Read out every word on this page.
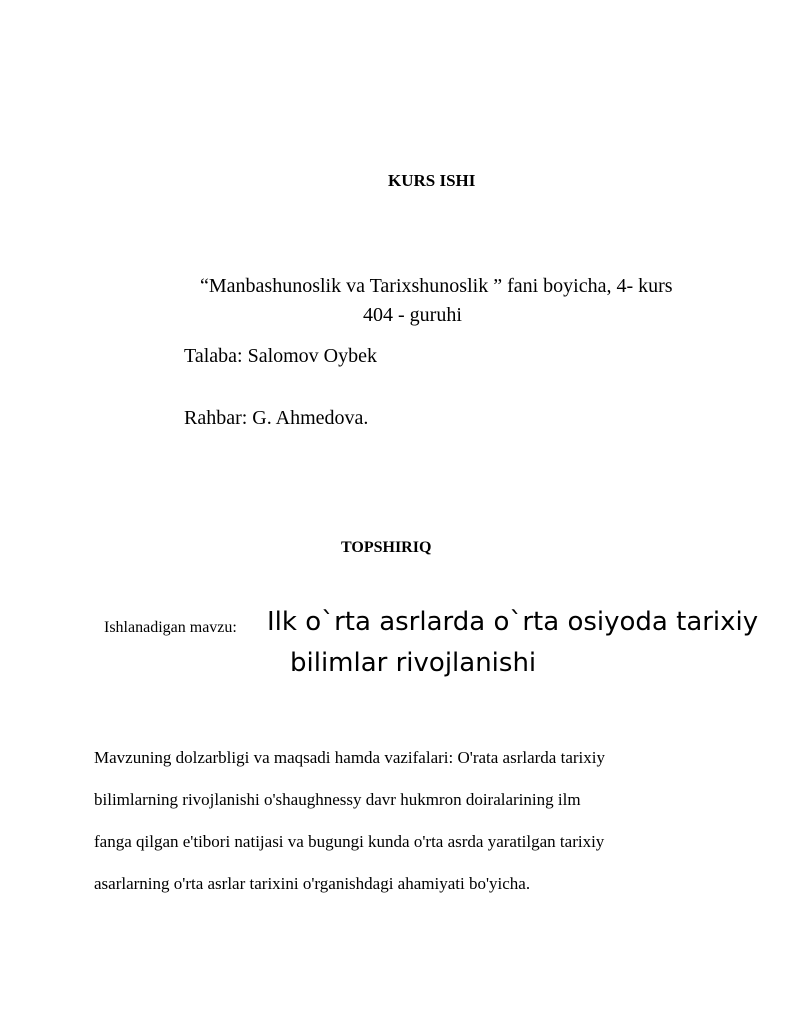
KURS ISHI
“Manbashunoslik va Tarixshunoslik ” fani boyicha, 4- kurs
404 - guruhi
Talaba: Salomov Oybek
Rahbar: G. Ahmedova.
TOPSHIRIQ
Ishlanadigan mavzu: Ilk o`rta asrlarda o`rta osiyoda tarixiy
bilimlar rivojlanishi
Mavzuning dolzarbligi va maqsadi hamda vazifalari: O'rata asrlarda tarixiy
bilimlarning rivojlanishi o'shaughnessy davr hukmron doiralarining ilm
fanga qilgan e'tibori natijasi va bugungi kunda o'rta asrda yaratilgan tarixiy
asarlarning o'rta asrlar tarixini o'rganishdagi ahamiyati bo'yicha.
